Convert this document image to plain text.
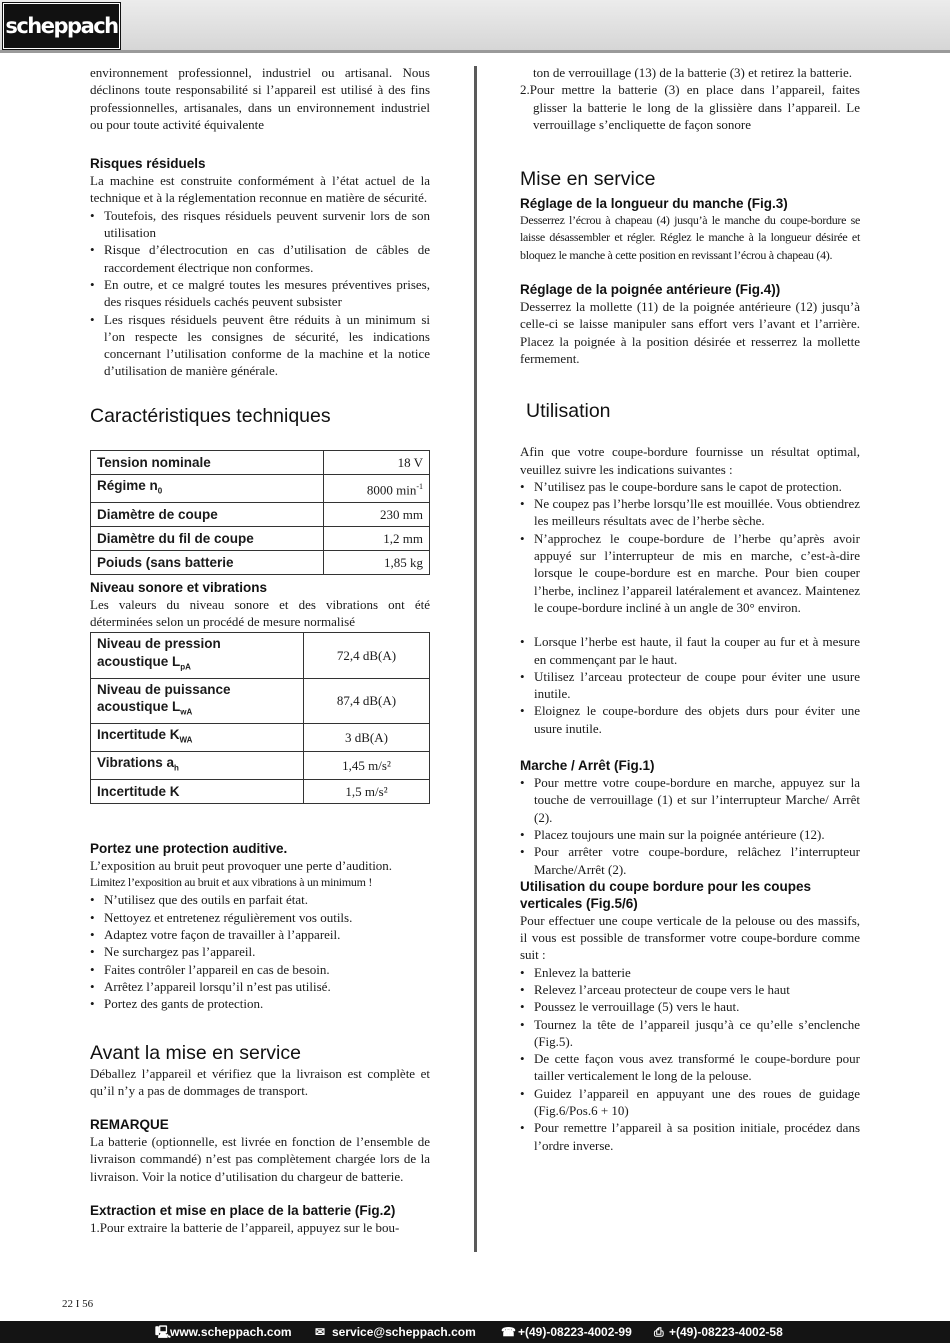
scheppach

environnement professionnel, industriel ou artisanal. Nous déclinons toute responsabilité si l’appareil est utilisé à des fins professionnelles, artisanales, dans un environnement industriel ou pour toute activité équivalente

Risques résiduels

La machine est construite conformément à l’état actuel de la technique et à la réglementation reconnue en matière de sécurité.

• Toutefois, des risques résiduels peuvent survenir lors de son utilisation
• Risque d’électrocution en cas d’utilisation de câbles de raccordement électrique non conformes.
• En outre, et ce malgré toutes les mesures préventives prises, des risques résiduels cachés peuvent subsister
• Les risques résiduels peuvent être réduits à un minimum si l’on respecte les consignes de sécurité, les indications concernant l’utilisation conforme de la machine et la notice d’utilisation de manière générale.
Caractéristiques techniques
Tension nominale	18 V
Régime $n_0$	8000 $\min^{-1}$
Diamètre de coupe	230 mm
Diamètre du fil de coupe	1,2 mm
Poiuds (sans batterie	1,85 kg
Niveau sonore et vibrations

Les valeurs du niveau sonore et des vibrations ont été déterminées selon un procédé de mesure normalisé

Niveau de pression
acoustique $L_{pA}$	72,4 dB(A)
Niveau de puissance
acoustique $L_{wA}$	87,4 dB(A)
Incertitude $K_{WA}$	3 dB(A)
Vibrations $a_h$	1,45 m/s²
Incertitude K	1,5 m/s²
Portez une protection auditive.

L’exposition au bruit peut provoquer une perte d’audition.

Limitez l’exposition au bruit et aux vibrations à un minimum !

• N’utilisez que des outils en parfait état.
• Nettoyez et entretenez régulièrement vos outils.
• Adaptez votre façon de travailler à l’appareil.
• Ne surchargez pas l’appareil.
• Faites contrôler l’appareil en cas de besoin.
• Arrêtez l’appareil lorsqu’il n’est pas utilisé.
• Portez des gants de protection.
Avant la mise en service

Déballez l’appareil et vérifiez que la livraison est complète et qu’il n’y a pas de dommages de transport.

REMARQUE

La batterie (optionnelle, est livrée en fonction de l’ensemble de livraison commandé) n’est pas complètement chargée lors de la livraison. Voir la notice d’utilisation du chargeur de batterie.

Extraction et mise en place de la batterie (Fig.2)

1.Pour extraire la batterie de l’appareil, appuyez sur le bou-

ton de verrouillage (13) de la batterie (3) et retirez la batterie.

2.Pour mettre la batterie (3) en place dans l’appareil, faites glisser la batterie le long de la glissière dans l’appareil. Le verrouillage s’encliquette de façon sonore

Mise en service
Réglage de la longueur du manche (Fig.3)

Desserrez l’écrou à chapeau (4) jusqu’à le manche du coupe-bordure se laisse désassembler et régler. Réglez le manche à la longueur désirée et bloquez le manche à cette position en revissant l’écrou à chapeau (4).

Réglage de la poignée antérieure (Fig.4))

Desserrez la mollette (11) de la poignée antérieure (12) jusqu’à celle-ci se laisse manipuler sans effort vers l’avant et l’arrière. Placez la poignée à la position désirée et resserrez la mollette fermement.

Utilisation

Afin que votre coupe-bordure fournisse un résultat optimal, veuillez suivre les indications suivantes :

• N’utilisez pas le coupe-bordure sans le capot de protection.
• Ne coupez pas l’herbe lorsqu’lle est mouillée. Vous obtiendrez les meilleurs résultats avec de l’herbe sèche.
• N’approchez le coupe-bordure de l’herbe qu’après avoir appuyé sur l’interrupteur de mis en marche, c’est-à-dire lorsque le coupe-bordure est en marche. Pour bien couper l’herbe, inclinez l’appareil latéralement et avancez. Maintenez le coupe-bordure incliné à un angle de 30° environ.
• Lorsque l’herbe est haute, il faut la couper au fur et à mesure en commençant par le haut.
• Utilisez l’arceau protecteur de coupe pour éviter une usure inutile.
• Eloignez le coupe-bordure des objets durs pour éviter une usure inutile.
Marche / Arrêt (Fig.1)
• Pour mettre votre coupe-bordure en marche, appuyez sur la touche de verrouillage (1) et sur l’interrupteur Marche/ Arrêt (2).
• Placez toujours une main sur la poignée antérieure (12).
• Pour arrêter votre coupe-bordure, relâchez l’interrupteur Marche/Arrêt (2).
Utilisation du coupe bordure pour les coupes verticales (Fig.5/6)

Pour effectuer une coupe verticale de la pelouse ou des massifs, il vous est possible de transformer votre coupe-bordure comme suit :

• Enlevez la batterie
• Relevez l’arceau protecteur de coupe vers le haut
• Poussez le verrouillage (5) vers le haut.
• Tournez la tête de l’appareil jusqu’à ce qu’elle s’enclenche (Fig.5).
• De cette façon vous avez transformé le coupe-bordure pour tailler verticalement le long de la pelouse.
• Guidez l’appareil en appuyant une des roues de guidage (Fig.6/Pos.6 + 10)
• Pour remettre l’appareil à sa position initiale, procédez dans l’ordre inverse.
22 I 56
🖳
www.scheppach.com ✉ service@scheppach.com ☎ +(49)-08223-4002-99 ⎙ +(49)-08223-4002-58
